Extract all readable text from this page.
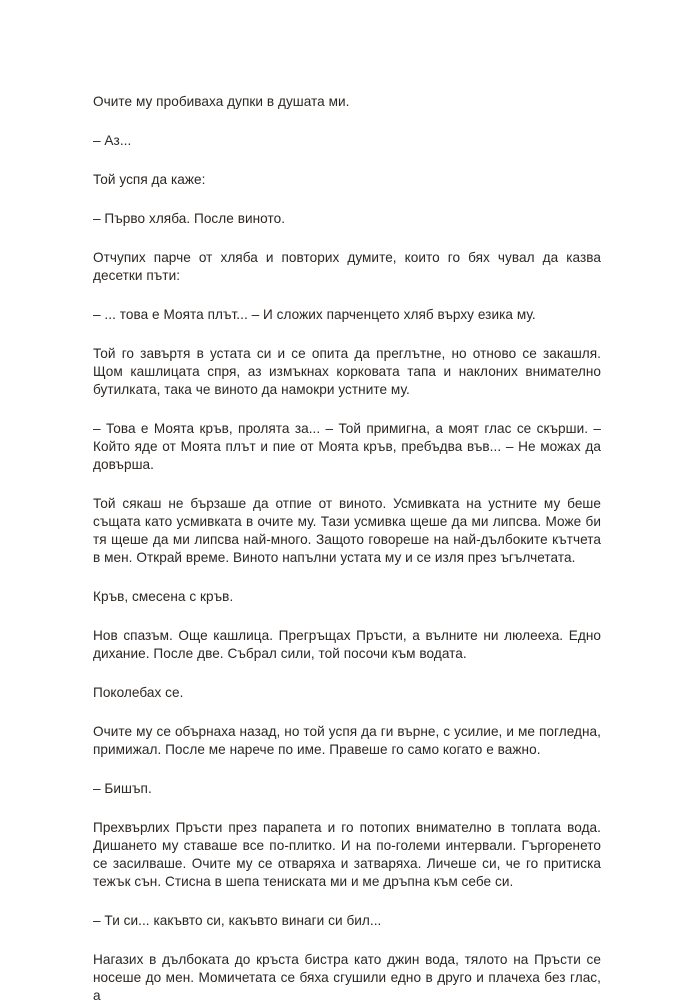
Очите му пробиваха дупки в душата ми.

– Аз...

Той успя да каже:

– Първо хляба. После виното.

Отчупих парче от хляба и повторих думите, които го бях чувал да казва десетки пъти:

– ... това е Моята плът... – И сложих парченцето хляб върху езика му.

Той го завъртя в устата си и се опита да преглътне, но отново се закашля. Щом кашлицата спря, аз измъкнах корковата тапа и наклоних внимателно бутилката, така че виното да намокри устните му.

– Това е Моята кръв, пролята за... – Той примигна, а моят глас се скърши. – Който яде от Моята плът и пие от Моята кръв, пребъдва във... – Не можах да довърша.

Той сякаш не бързаше да отпие от виното. Усмивката на устните му беше същата като усмивката в очите му. Тази усмивка щеше да ми липсва. Може би тя щеше да ми липсва най-много. Защото говореше на най-дълбоките кътчета в мен. Открай време. Виното напълни устата му и се изля през ъгълчетата.

Кръв, смесена с кръв.

Нов спазъм. Още кашлица. Прегръщах Пръсти, а вълните ни люлееха. Едно дихание. После две. Събрал сили, той посочи към водата.

Поколебах се.

Очите му се обърнаха назад, но той успя да ги върне, с усилие, и ме погледна, примижал. После ме нарече по име. Правеше го само когато е важно.

– Бишъп.

Прехвърлих Пръсти през парапета и го потопих внимателно в топлата вода. Дишането му ставаше все по-плитко. И на по-големи интервали. Гъргоренето се засилваше. Очите му се отваряха и затваряха. Личеше си, че го притиска тежък сън. Стисна в шепа тениската ми и ме дръпна към себе си.

– Ти си... какъвто си, какъвто винаги си бил...

Нагазих в дълбоката до кръста бистра като джин вода, тялото на Пръсти се носеше до мен. Момичетата се бяха сгушили едно в друго и плачеха без глас, а
